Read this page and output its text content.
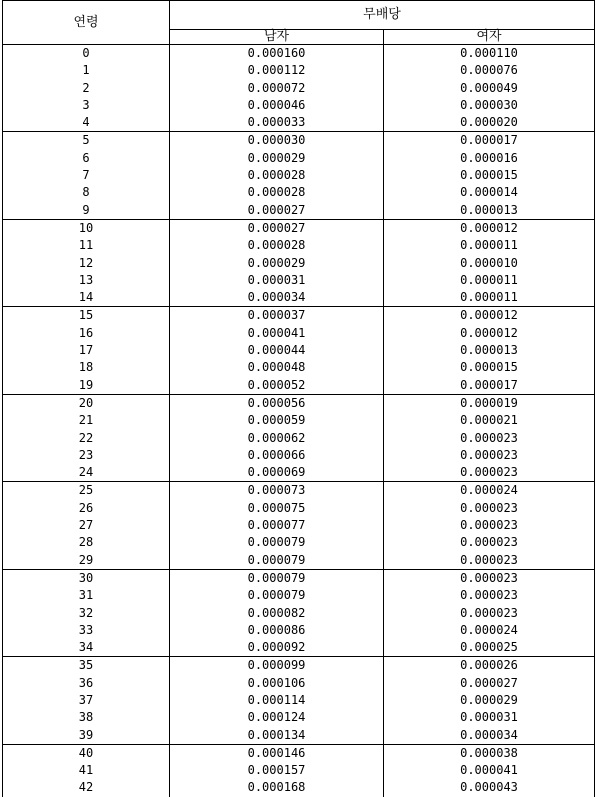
연령	무배당	
	남자	여자
0	0.000160	0.000110
1	0.000112	0.000076
2	0.000072	0.000049
3	0.000046	0.000030
4	0.000033	0.000020
5	0.000030	0.000017
6	0.000029	0.000016
7	0.000028	0.000015
8	0.000028	0.000014
9	0.000027	0.000013
10	0.000027	0.000012
11	0.000028	0.000011
12	0.000029	0.000010
13	0.000031	0.000011
14	0.000034	0.000011
15	0.000037	0.000012
16	0.000041	0.000012
17	0.000044	0.000013
18	0.000048	0.000015
19	0.000052	0.000017
20	0.000056	0.000019
21	0.000059	0.000021
22	0.000062	0.000023
23	0.000066	0.000023
24	0.000069	0.000023
25	0.000073	0.000024
26	0.000075	0.000023
27	0.000077	0.000023
28	0.000079	0.000023
29	0.000079	0.000023
30	0.000079	0.000023
31	0.000079	0.000023
32	0.000082	0.000023
33	0.000086	0.000024
34	0.000092	0.000025
35	0.000099	0.000026
36	0.000106	0.000027
37	0.000114	0.000029
38	0.000124	0.000031
39	0.000134	0.000034
40	0.000146	0.000038
41	0.000157	0.000041
42	0.000168	0.000043
